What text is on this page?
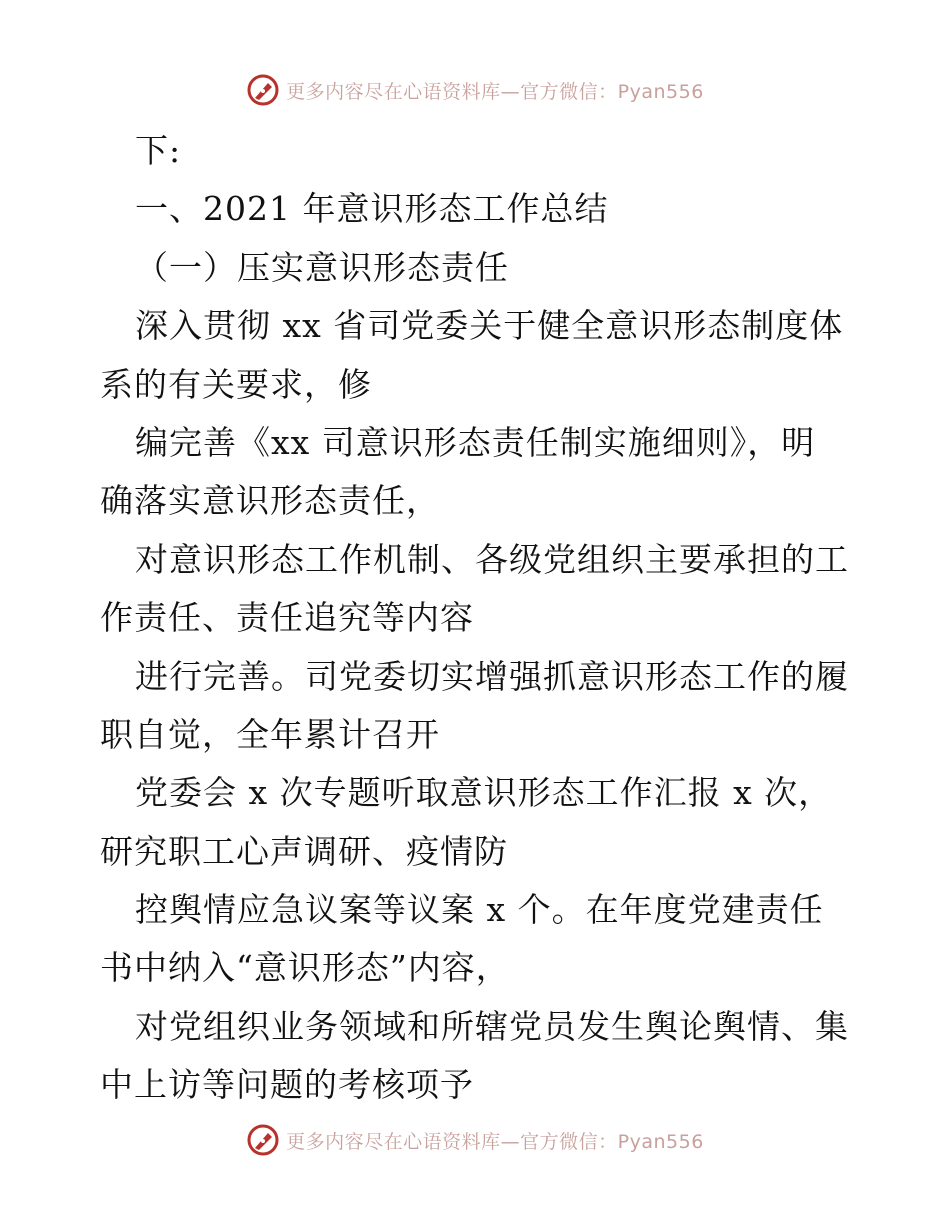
更多内容尽在心语资料库—官方微信：Pyan556
下:
一、2021 年意识形态工作总结
（一）压实意识形态责任
深入贯彻 xx 省司党委关于健全意识形态制度体
系的有关要求，修
编完善《xx 司意识形态责任制实施细则》，明
确落实意识形态责任，
对意识形态工作机制、各级党组织主要承担的工
作责任、责任追究等内容
进行完善。司党委切实增强抓意识形态工作的履
职自觉，全年累计召开
党委会 x 次专题听取意识形态工作汇报 x 次，
研究职工心声调研、疫情防
控舆情应急议案等议案 x 个。在年度党建责任
书中纳入“意识形态”内容，
对党组织业务领域和所辖党员发生舆论舆情、集
中上访等问题的考核项予
更多内容尽在心语资料库—官方微信：Pyan556
